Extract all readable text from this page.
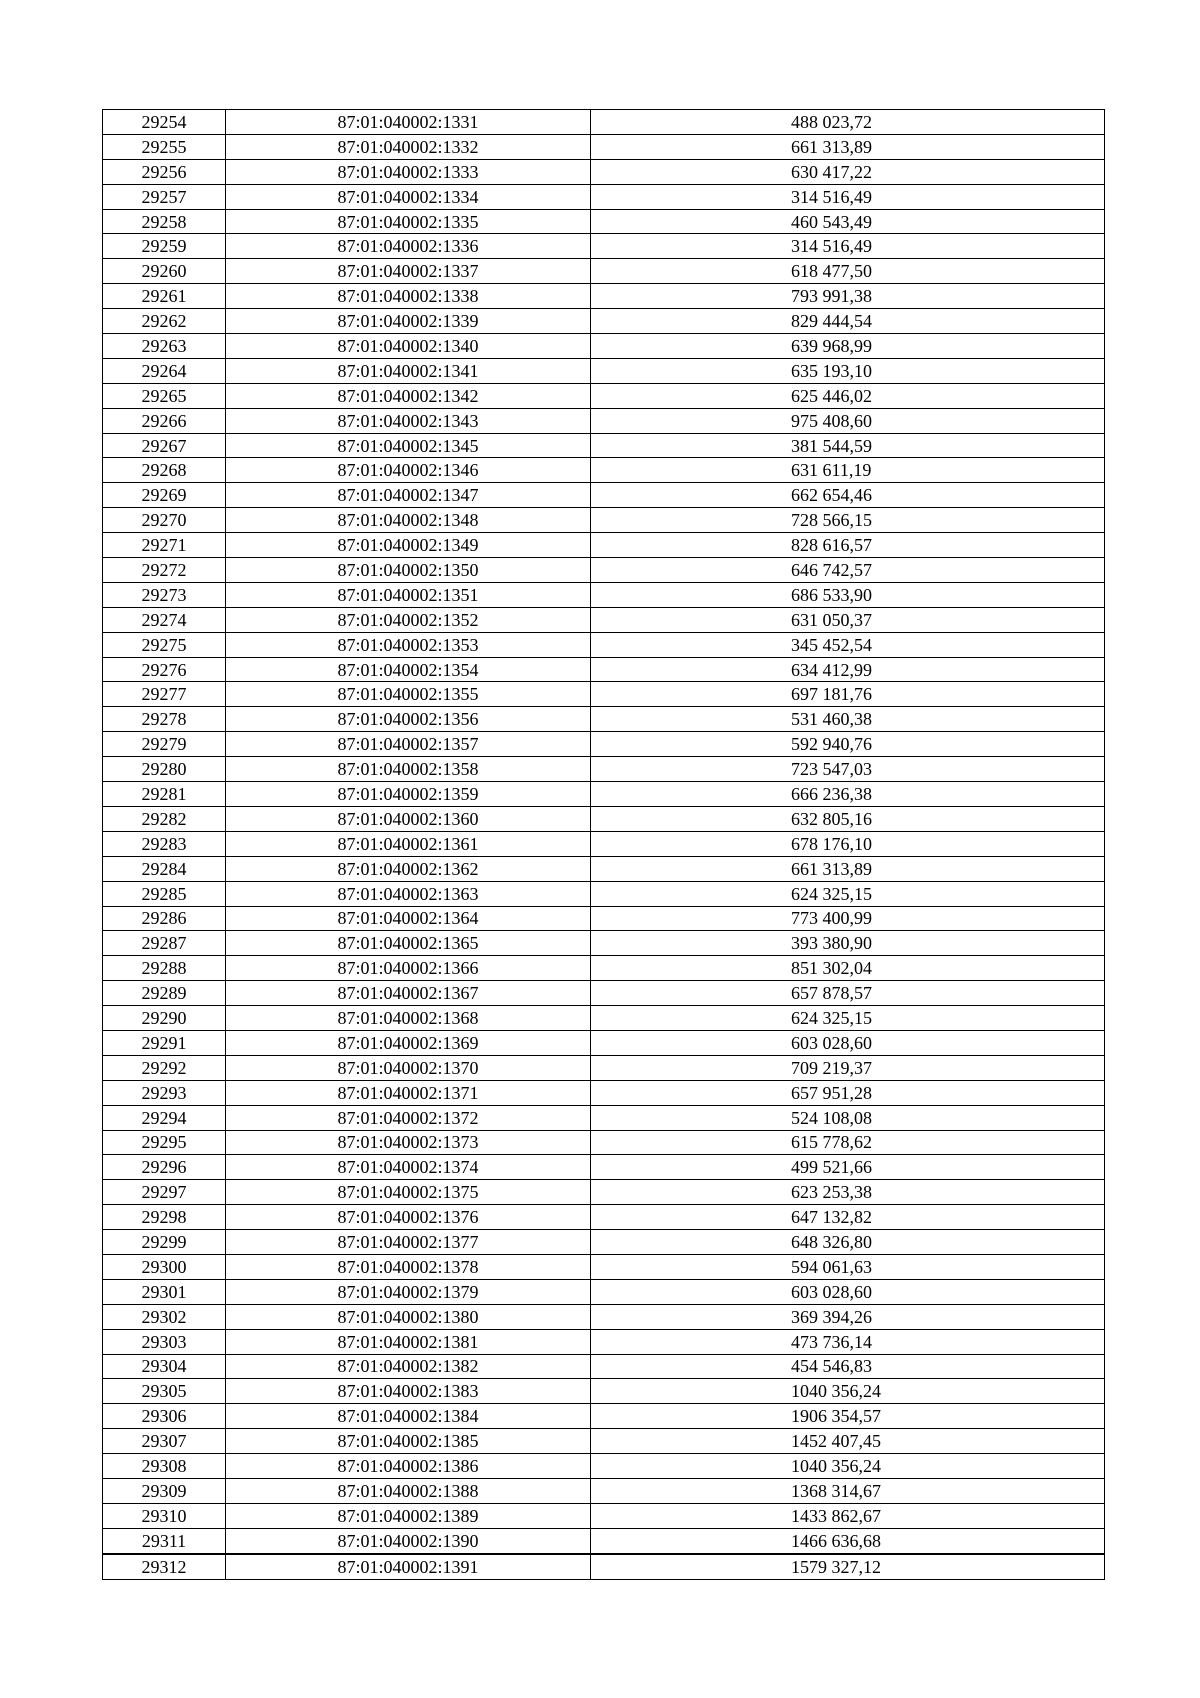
29254	87:01:040002:1331	488 023,72
29255	87:01:040002:1332	661 313,89
29256	87:01:040002:1333	630 417,22
29257	87:01:040002:1334	314 516,49
29258	87:01:040002:1335	460 543,49
29259	87:01:040002:1336	314 516,49
29260	87:01:040002:1337	618 477,50
29261	87:01:040002:1338	793 991,38
29262	87:01:040002:1339	829 444,54
29263	87:01:040002:1340	639 968,99
29264	87:01:040002:1341	635 193,10
29265	87:01:040002:1342	625 446,02
29266	87:01:040002:1343	975 408,60
29267	87:01:040002:1345	381 544,59
29268	87:01:040002:1346	631 611,19
29269	87:01:040002:1347	662 654,46
29270	87:01:040002:1348	728 566,15
29271	87:01:040002:1349	828 616,57
29272	87:01:040002:1350	646 742,57
29273	87:01:040002:1351	686 533,90
29274	87:01:040002:1352	631 050,37
29275	87:01:040002:1353	345 452,54
29276	87:01:040002:1354	634 412,99
29277	87:01:040002:1355	697 181,76
29278	87:01:040002:1356	531 460,38
29279	87:01:040002:1357	592 940,76
29280	87:01:040002:1358	723 547,03
29281	87:01:040002:1359	666 236,38
29282	87:01:040002:1360	632 805,16
29283	87:01:040002:1361	678 176,10
29284	87:01:040002:1362	661 313,89
29285	87:01:040002:1363	624 325,15
29286	87:01:040002:1364	773 400,99
29287	87:01:040002:1365	393 380,90
29288	87:01:040002:1366	851 302,04
29289	87:01:040002:1367	657 878,57
29290	87:01:040002:1368	624 325,15
29291	87:01:040002:1369	603 028,60
29292	87:01:040002:1370	709 219,37
29293	87:01:040002:1371	657 951,28
29294	87:01:040002:1372	524 108,08
29295	87:01:040002:1373	615 778,62
29296	87:01:040002:1374	499 521,66
29297	87:01:040002:1375	623 253,38
29298	87:01:040002:1376	647 132,82
29299	87:01:040002:1377	648 326,80
29300	87:01:040002:1378	594 061,63
29301	87:01:040002:1379	603 028,60
29302	87:01:040002:1380	369 394,26
29303	87:01:040002:1381	473 736,14
29304	87:01:040002:1382	454 546,83
29305	87:01:040002:1383	1040 356,24
29306	87:01:040002:1384	1906 354,57
29307	87:01:040002:1385	1452 407,45
29308	87:01:040002:1386	1040 356,24
29309	87:01:040002:1388	1368 314,67
29310	87:01:040002:1389	1433 862,67
29311	87:01:040002:1390	1466 636,68
29312	87:01:040002:1391	1579 327,12
